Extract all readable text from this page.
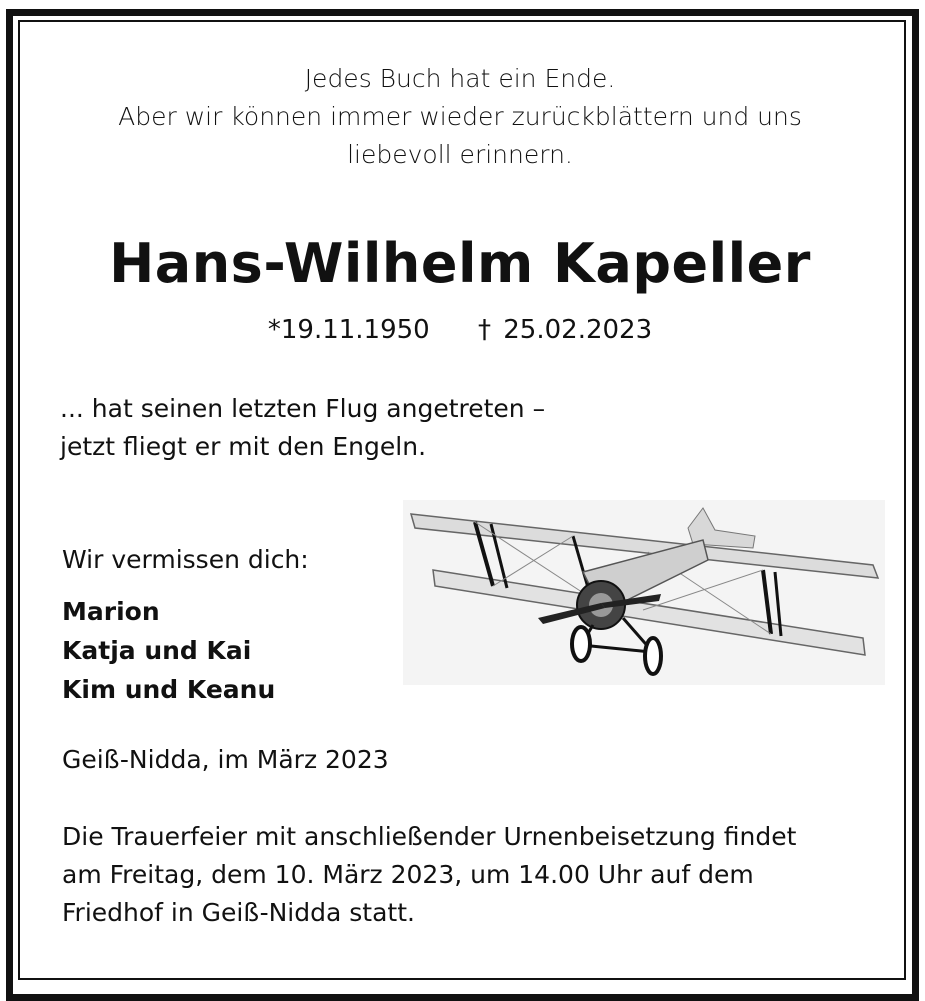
Jedes Buch hat ein Ende.
Aber wir können immer wieder zurückblättern und uns
liebevoll erinnern.
Hans-Wilhelm Kapeller
*19.11.1950 † 25.02.2023
... hat seinen letzten Flug angetreten –
jetzt fliegt er mit den Engeln.
Wir vermissen dich:
Marion
Katja und Kai
Kim und Keanu
Geiß-Nidda, im März 2023
Die Trauerfeier mit anschließender Urnenbeisetzung findet
am Freitag, dem 10. März 2023, um 14.00 Uhr auf dem
Friedhof in Geiß-Nidda statt.
